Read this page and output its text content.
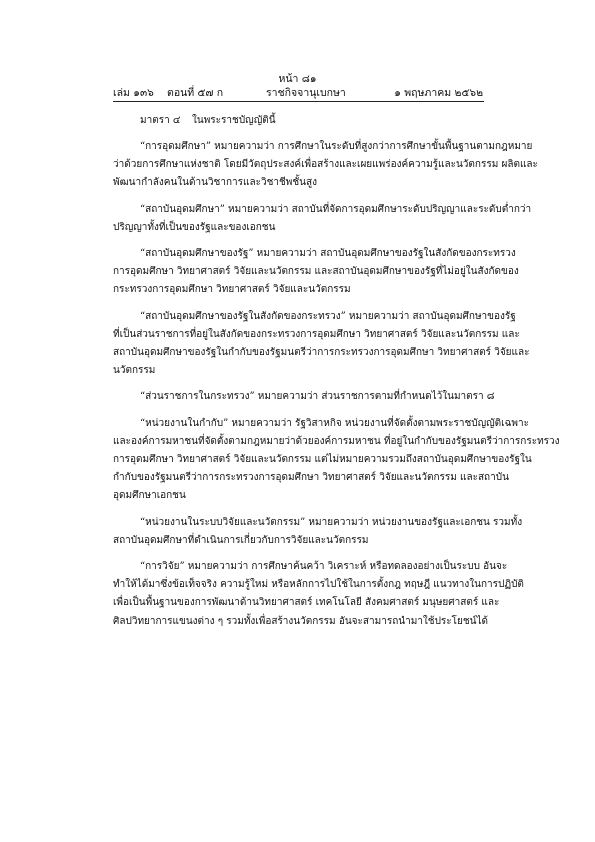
หน้า ๘๑
เล่ม ๑๓๖ ตอนที่ ๕๗ ก	ราชกิจจานุเบกษา	๑ พฤษภาคม ๒๕๖๒
มาตรา ๔ ในพระราชบัญญัตินี้
“การอุดมศึกษา” หมายความว่า การศึกษาในระดับที่สูงกว่าการศึกษาขั้นพื้นฐานตามกฎหมาย
ว่าด้วยการศึกษาแห่งชาติ โดยมีวัตถุประสงค์เพื่อสร้างและเผยแพร่องค์ความรู้และนวัตกรรม ผลิตและ
พัฒนากำลังคนในด้านวิชาการและวิชาชีพชั้นสูง
“สถาบันอุดมศึกษา” หมายความว่า สถาบันที่จัดการอุดมศึกษาระดับปริญญาและระดับต่ำกว่า
ปริญญาทั้งที่เป็นของรัฐและของเอกชน
“สถาบันอุดมศึกษาของรัฐ” หมายความว่า สถาบันอุดมศึกษาของรัฐในสังกัดของกระทรวง
การอุดมศึกษา วิทยาศาสตร์ วิจัยและนวัตกรรม และสถาบันอุดมศึกษาของรัฐที่ไม่อยู่ในสังกัดของ
กระทรวงการอุดมศึกษา วิทยาศาสตร์ วิจัยและนวัตกรรม
“สถาบันอุดมศึกษาของรัฐในสังกัดของกระทรวง” หมายความว่า สถาบันอุดมศึกษาของรัฐ
ที่เป็นส่วนราชการที่อยู่ในสังกัดของกระทรวงการอุดมศึกษา วิทยาศาสตร์ วิจัยและนวัตกรรม และ
สถาบันอุดมศึกษาของรัฐในกำกับของรัฐมนตรีว่าการกระทรวงการอุดมศึกษา วิทยาศาสตร์ วิจัยและ
นวัตกรรม
“ส่วนราชการในกระทรวง” หมายความว่า ส่วนราชการตามที่กำหนดไว้ในมาตรา ๘
“หน่วยงานในกำกับ” หมายความว่า รัฐวิสาหกิจ หน่วยงานที่จัดตั้งตามพระราชบัญญัติเฉพาะ
และองค์การมหาชนที่จัดตั้งตามกฎหมายว่าด้วยองค์การมหาชน ที่อยู่ในกำกับของรัฐมนตรีว่าการกระทรวง
การอุดมศึกษา วิทยาศาสตร์ วิจัยและนวัตกรรม แต่ไม่หมายความรวมถึงสถาบันอุดมศึกษาของรัฐใน
กำกับของรัฐมนตรีว่าการกระทรวงการอุดมศึกษา วิทยาศาสตร์ วิจัยและนวัตกรรม และสถาบัน
อุดมศึกษาเอกชน
“หน่วยงานในระบบวิจัยและนวัตกรรม” หมายความว่า หน่วยงานของรัฐและเอกชน รวมทั้ง
สถาบันอุดมศึกษาที่ดำเนินการเกี่ยวกับการวิจัยและนวัตกรรม
“การวิจัย” หมายความว่า การศึกษาค้นคว้า วิเคราะห์ หรือทดลองอย่างเป็นระบบ อันจะ
ทำให้ได้มาซึ่งข้อเท็จจริง ความรู้ใหม่ หรือหลักการไปใช้ในการตั้งกฎ ทฤษฎี แนวทางในการปฏิบัติ
เพื่อเป็นพื้นฐานของการพัฒนาด้านวิทยาศาสตร์ เทคโนโลยี สังคมศาสตร์ มนุษยศาสตร์ และ
ศิลปวิทยาการแขนงต่าง ๆ รวมทั้งเพื่อสร้างนวัตกรรม อันจะสามารถนำมาใช้ประโยชน์ได้
